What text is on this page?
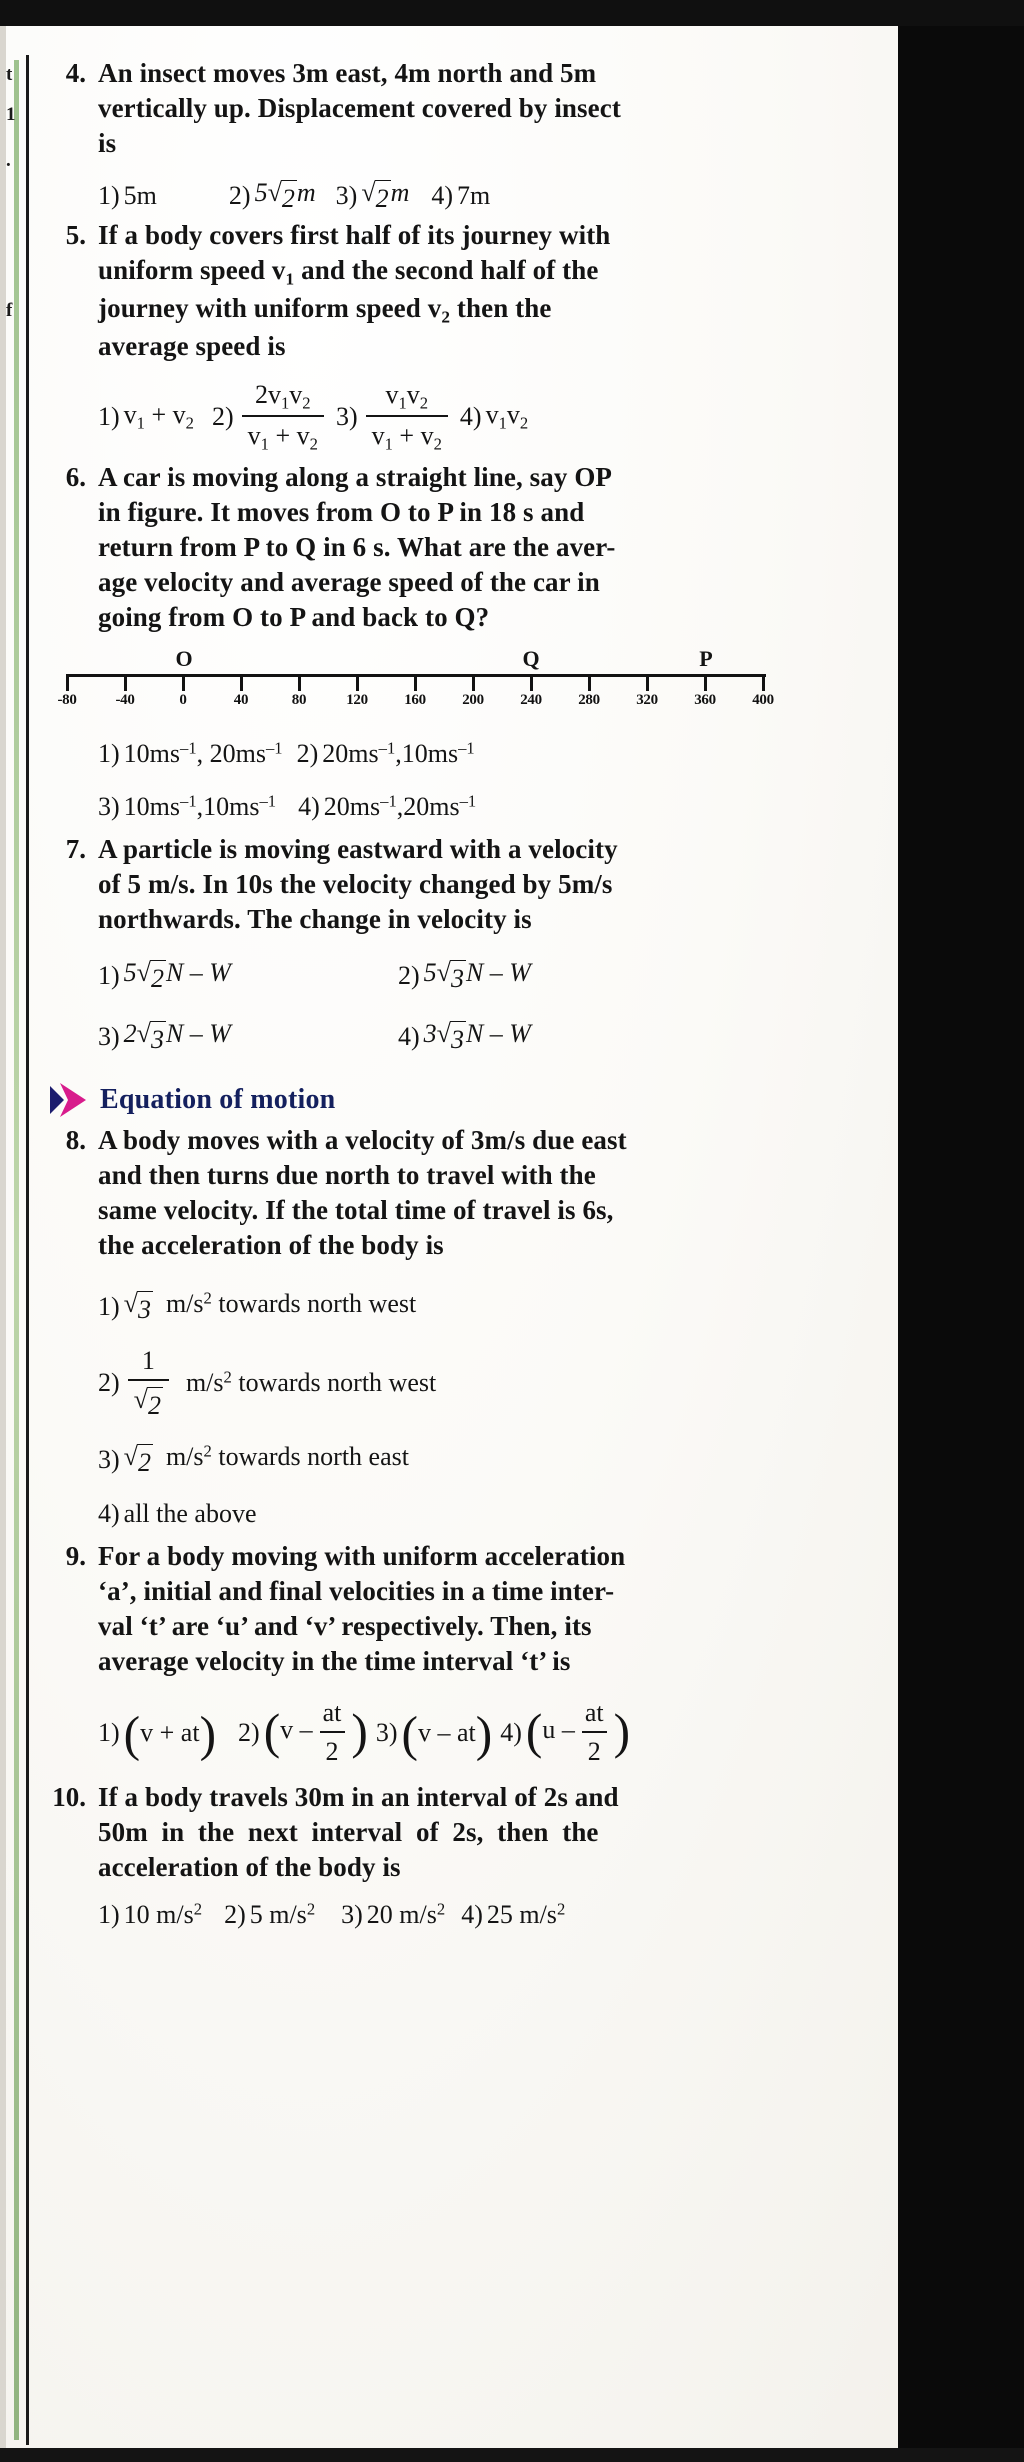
t
1
.
f
4. An insect moves 3m east, 4m north and 5m
vertically up. Displacement covered by insect
is
1) 5m	2) 5 √ 2 m 3) √ 2 m 4) 7m
5. If a body covers first half of its journey with
uniform speed $v_1$ and the second half of the
journey with uniform speed $v_2$ then the
average speed is
1) $v_1 + v_2$ $2) \frac{2v_1v_2}{v_1 + v_2} 3) \frac{v_1v_2}{v_1 + v_2} 4$) $v_1v_2$
6. A car is moving along a straight line, say OP
in figure. It moves from O to P in 18 s and
return from P to Q in 6 s. What are the aver-
age velocity and average speed of the car in
going from O to P and back to Q?
-80	-40	0	40	80	120 160 200 240 280 320 360 400
O	Q	P
1) $10ms^{-1}$, $20ms^{-1}$ 2) $20ms^{-1},10ms^{-1}$
3) $10ms^{-1},10ms^{-1}$ 4) $20ms^{-1},20ms^{-1}$
7. A particle is moving eastward with a velocity
of 5 m/s. In 10s the velocity changed by 5m/s
northwards. The change in velocity is
1) 5 √ 2 N – W	2) 5 √ 3 N – W
3) 2 √ 3 N – W	4) 3 √ 3 N – W
Equation of motion
8. A body moves with a velocity of 3m/s due east
and then turns due north to travel with the
same velocity. If the total time of travel is 6s,
the acceleration of the body is
1) √ 3 $m/s^2$ towards north west
$2) \frac{1}{√ 2} m/s^2$ towards north west
3) √ 2 $m/s^2$ towards north east
4) all the above
9. For a body moving with uniform acceleration
‘a’, initial and final velocities in a time inter-
val ‘t’ are ‘u’ and ‘v’ respectively. Then, its
average velocity in the time interval ‘t’ is
1) (v + at) 2) ($v - \frac{at}{2}$ ) 3) (v – at) 4) ($u - \frac{at}{2}$ )
10. If a body travels 30m in an interval of 2s and
50m  in  the  next  interval  of  2s,  then  the
acceleration of the body is
1) 10 $m/s^2$ 2) 5 $m/s^2$ 3) 20 $m/s^2$ 4) 25 $m/s^2$
